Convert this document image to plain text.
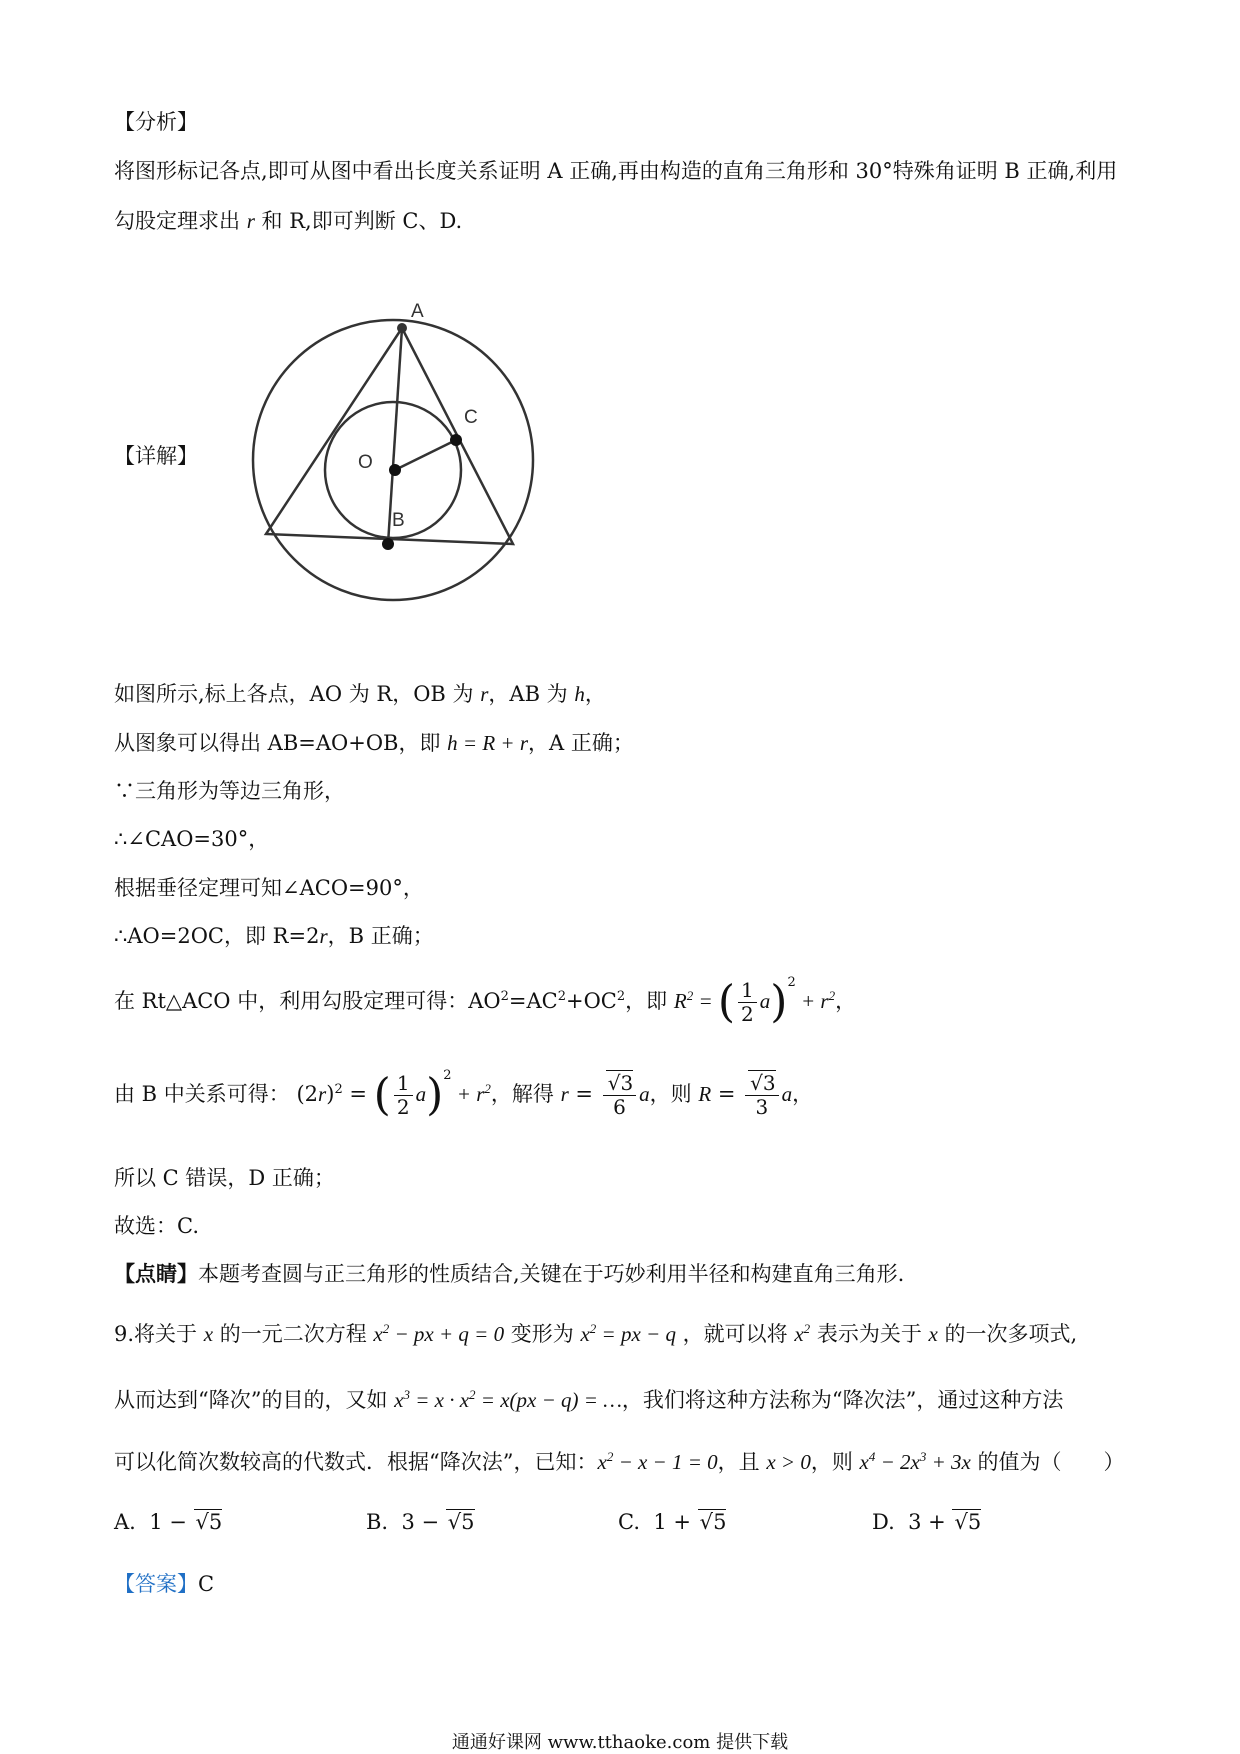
【分析】
将图形标记各点,即可从图中看出长度关系证明 A 正确,再由构造的直角三角形和 30°特殊角证明 B 正确,利用
勾股定理求出 r 和 R,即可判断 C、D.
【详解】
A
C
O
B
如图所示,标上各点，AO 为 R，OB 为 r，AB 为 h，
从图象可以得出 AB=AO+OB，即 h = R + r，A 正确；
∵三角形为等边三角形，
∴∠CAO=30°，
根据垂径定理可知∠ACO=90°，
∴AO=2OC，即 R=2r，B 正确；
在 Rt△ACO 中，利用勾股定理可得：$AO^2=AC^2+OC^2$，即 $R^2$ = ( $\frac{1}{2} a)^2 + r^2$，
由 B 中关系可得： $(2r)^2$ = ( $\frac{1}{2} a)^2 + r^2$，解得 $r = \frac{√3}{6}$ a，则 $R = \frac{√3}{3}$ a，
所以 C 错误，D 正确；
故选：C.
【点睛】本题考查圆与正三角形的性质结合,关键在于巧妙利用半径和构建直角三角形.
9.将关于 x 的一元二次方程 $x^2$ − px + q = 0 变形为 $x^2$ = px − q ，就可以将 $x^2$ 表示为关于 x 的一次多项式,
从而达到“降次”的目的，又如 $x^3 = x \cdot x^2 = x(px - q)$ = …，我们将这种方法称为“降次法”，通过这种方法
可以化简次数较高的代数式．根据“降次法”，已知：$x^2 - x - 1 = 0$，且 x > 0，则 $x^4 - 2x^3 + 3x$ 的值为（　　）
A. 1 − √5	B. 3 − √5	C. 1 + √5	D. 3 + √5
【答案】C
通通好课网 www.tthaoke.com 提供下载
